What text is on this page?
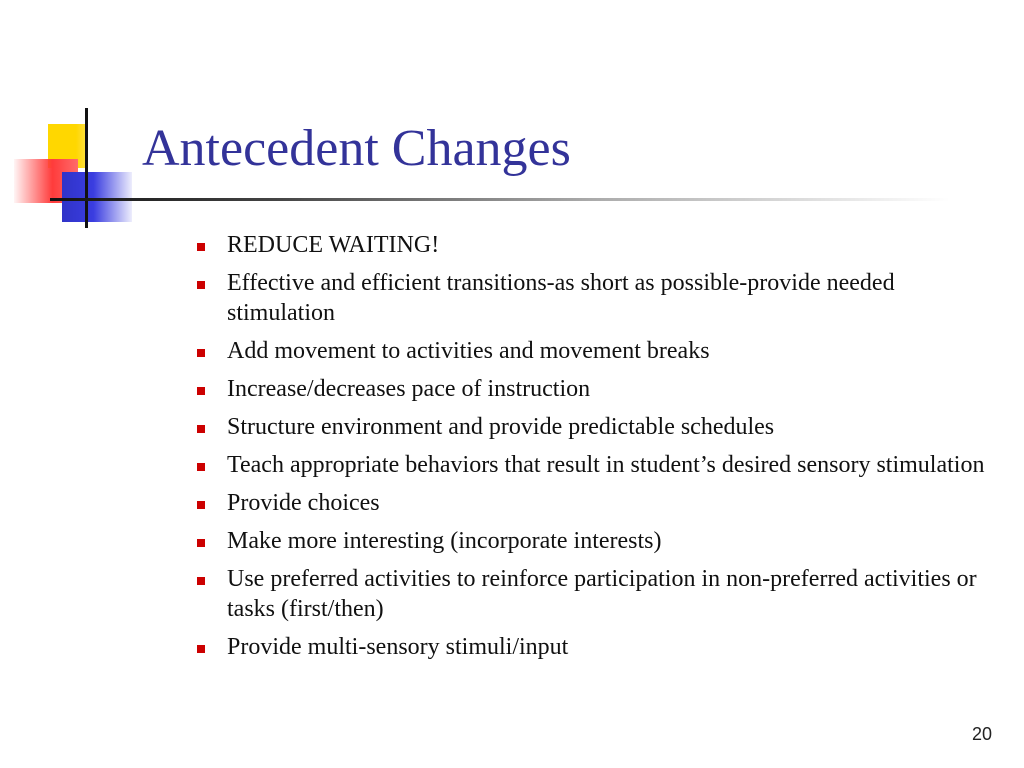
Antecedent Changes
REDUCE WAITING!
Effective and efficient transitions-as short as possible-provide needed stimulation
Add movement to activities and movement breaks
Increase/decreases pace of instruction
Structure environment and provide predictable schedules
Teach appropriate behaviors that result in student’s desired sensory stimulation
Provide choices
Make more interesting (incorporate interests)
Use preferred activities to reinforce participation in non-preferred activities or tasks (first/then)
Provide multi-sensory stimuli/input
20
